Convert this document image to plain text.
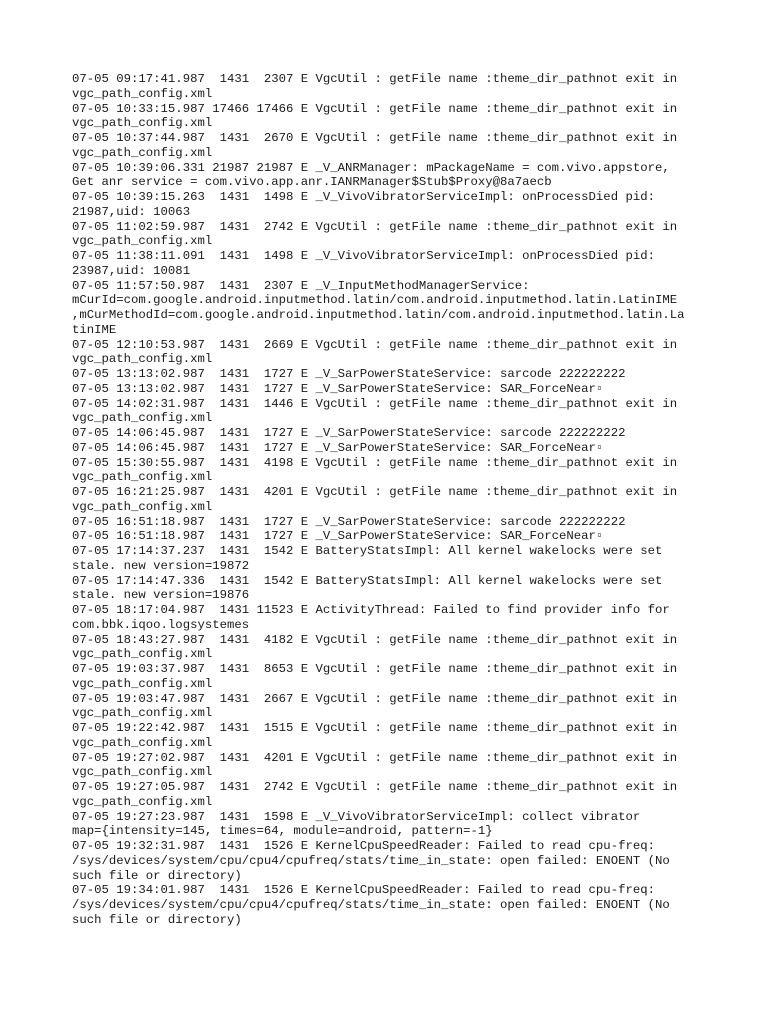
07-05 09:17:41.987  1431  2307 E VgcUtil : getFile name :theme_dir_pathnot exit in
vgc_path_config.xml
07-05 10:33:15.987 17466 17466 E VgcUtil : getFile name :theme_dir_pathnot exit in
vgc_path_config.xml
07-05 10:37:44.987  1431  2670 E VgcUtil : getFile name :theme_dir_pathnot exit in
vgc_path_config.xml
07-05 10:39:06.331 21987 21987 E _V_ANRManager: mPackageName = com.vivo.appstore,
Get anr service = com.vivo.app.anr.IANRManager$Stub$Proxy@8a7aecb
07-05 10:39:15.263  1431  1498 E _V_VivoVibratorServiceImpl: onProcessDied pid:
21987,uid: 10063
07-05 11:02:59.987  1431  2742 E VgcUtil : getFile name :theme_dir_pathnot exit in
vgc_path_config.xml
07-05 11:38:11.091  1431  1498 E _V_VivoVibratorServiceImpl: onProcessDied pid:
23987,uid: 10081
07-05 11:57:50.987  1431  2307 E _V_InputMethodManagerService:
mCurId=com.google.android.inputmethod.latin/com.android.inputmethod.latin.LatinIME
,mCurMethodId=com.google.android.inputmethod.latin/com.android.inputmethod.latin.La
tinIME
07-05 12:10:53.987  1431  2669 E VgcUtil : getFile name :theme_dir_pathnot exit in
vgc_path_config.xml
07-05 13:13:02.987  1431  1727 E _V_SarPowerStateService: sarcode 222222222
07-05 13:13:02.987  1431  1727 E _V_SarPowerStateService: SAR_ForceNear▫
07-05 14:02:31.987  1431  1446 E VgcUtil : getFile name :theme_dir_pathnot exit in
vgc_path_config.xml
07-05 14:06:45.987  1431  1727 E _V_SarPowerStateService: sarcode 222222222
07-05 14:06:45.987  1431  1727 E _V_SarPowerStateService: SAR_ForceNear▫
07-05 15:30:55.987  1431  4198 E VgcUtil : getFile name :theme_dir_pathnot exit in
vgc_path_config.xml
07-05 16:21:25.987  1431  4201 E VgcUtil : getFile name :theme_dir_pathnot exit in
vgc_path_config.xml
07-05 16:51:18.987  1431  1727 E _V_SarPowerStateService: sarcode 222222222
07-05 16:51:18.987  1431  1727 E _V_SarPowerStateService: SAR_ForceNear▫
07-05 17:14:37.237  1431  1542 E BatteryStatsImpl: All kernel wakelocks were set
stale. new version=19872
07-05 17:14:47.336  1431  1542 E BatteryStatsImpl: All kernel wakelocks were set
stale. new version=19876
07-05 18:17:04.987  1431 11523 E ActivityThread: Failed to find provider info for
com.bbk.iqoo.logsystemes
07-05 18:43:27.987  1431  4182 E VgcUtil : getFile name :theme_dir_pathnot exit in
vgc_path_config.xml
07-05 19:03:37.987  1431  8653 E VgcUtil : getFile name :theme_dir_pathnot exit in
vgc_path_config.xml
07-05 19:03:47.987  1431  2667 E VgcUtil : getFile name :theme_dir_pathnot exit in
vgc_path_config.xml
07-05 19:22:42.987  1431  1515 E VgcUtil : getFile name :theme_dir_pathnot exit in
vgc_path_config.xml
07-05 19:27:02.987  1431  4201 E VgcUtil : getFile name :theme_dir_pathnot exit in
vgc_path_config.xml
07-05 19:27:05.987  1431  2742 E VgcUtil : getFile name :theme_dir_pathnot exit in
vgc_path_config.xml
07-05 19:27:23.987  1431  1598 E _V_VivoVibratorServiceImpl: collect vibrator
map={intensity=145, times=64, module=android, pattern=-1}
07-05 19:32:31.987  1431  1526 E KernelCpuSpeedReader: Failed to read cpu-freq:
/sys/devices/system/cpu/cpu4/cpufreq/stats/time_in_state: open failed: ENOENT (No
such file or directory)
07-05 19:34:01.987  1431  1526 E KernelCpuSpeedReader: Failed to read cpu-freq:
/sys/devices/system/cpu/cpu4/cpufreq/stats/time_in_state: open failed: ENOENT (No
such file or directory)
